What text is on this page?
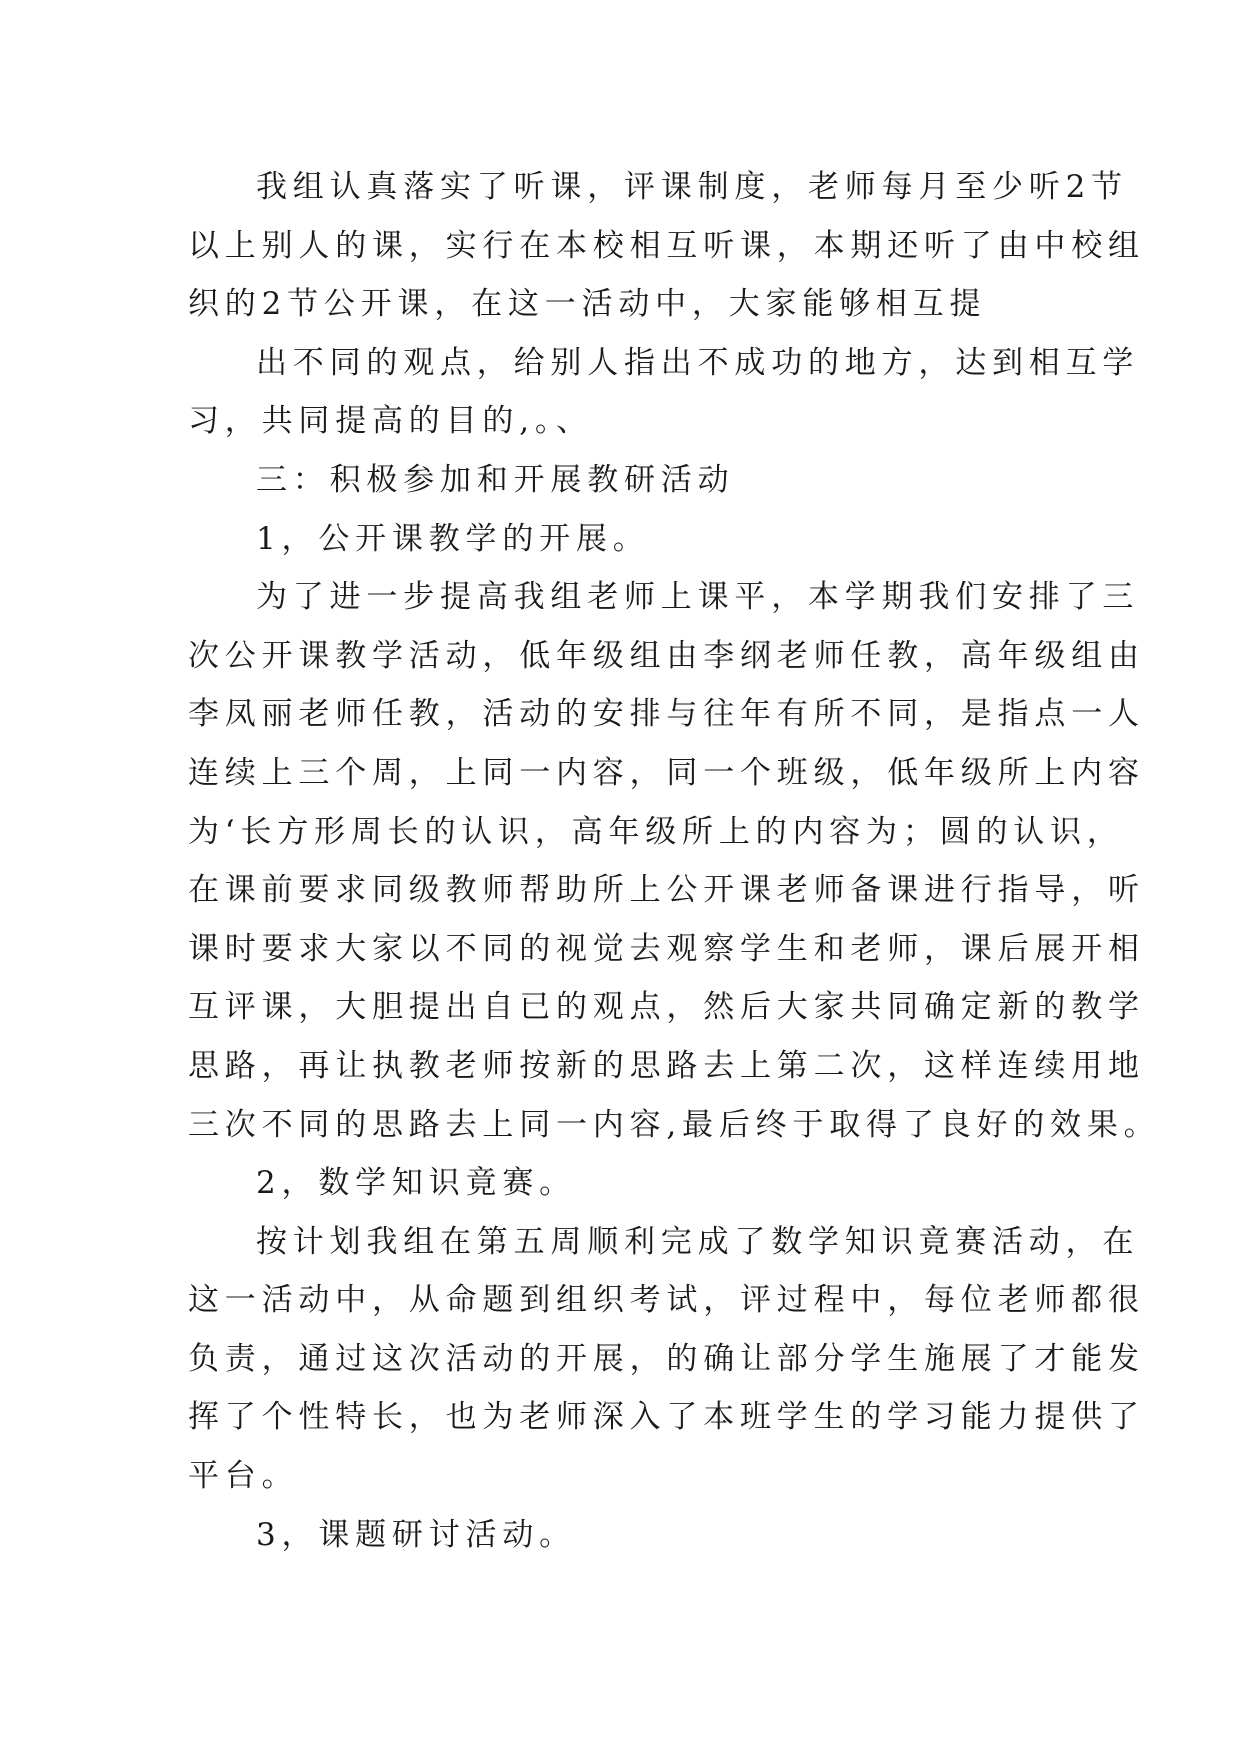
我组认真落实了听课，评课制度，老师每月至少听2节
以上别人的课，实行在本校相互听课，本期还听了由中校组
织的2节公开课，在这一活动中，大家能够相互提
出不同的观点，给别人指出不成功的地方，达到相互学
习，共同提高的目的,。、
三：积极参加和开展教研活动
1，公开课教学的开展。
为了进一步提高我组老师上课平，本学期我们安排了三
次公开课教学活动，低年级组由李纲老师任教，高年级组由
李凤丽老师任教，活动的安排与往年有所不同，是指点一人
连续上三个周，上同一内容，同一个班级，低年级所上内容
为‘长方形周长的认识，高年级所上的内容为；圆的认识，
在课前要求同级教师帮助所上公开课老师备课进行指导，听
课时要求大家以不同的视觉去观察学生和老师，课后展开相
互评课，大胆提出自已的观点，然后大家共同确定新的教学
思路，再让执教老师按新的思路去上第二次，这样连续用地
三次不同的思路去上同一内容,最后终于取得了良好的效果。
2，数学知识竟赛。
按计划我组在第五周顺利完成了数学知识竟赛活动，在
这一活动中，从命题到组织考试，评过程中，每位老师都很
负责，通过这次活动的开展，的确让部分学生施展了才能发
挥了个性特长，也为老师深入了本班学生的学习能力提供了
平台。
3，课题研讨活动。
